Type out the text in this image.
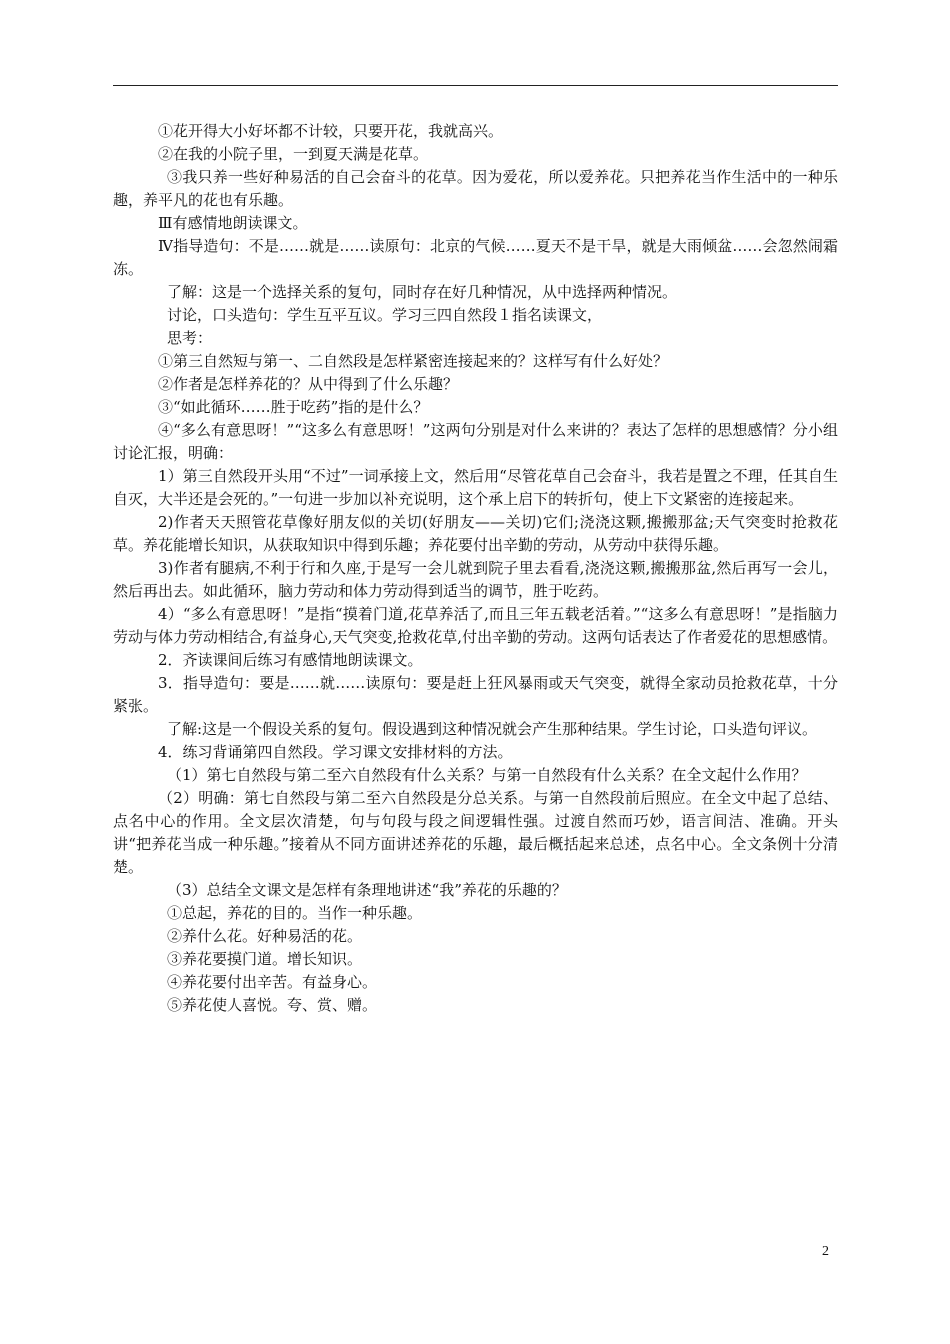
①花开得大小好坏都不计较，只要开花，我就高兴。

②在我的小院子里，一到夏天满是花草。

③我只养一些好种易活的自己会奋斗的花草。因为爱花，所以爱养花。只把养花当作生活中的一种乐趣，养平凡的花也有乐趣。

Ⅲ有感情地朗读课文。

Ⅳ指导造句：不是……就是……读原句：北京的气候……夏天不是干旱，就是大雨倾盆……会忽然闹霜冻。

了解：这是一个选择关系的复句，同时存在好几种情况，从中选择两种情况。

讨论，口头造句：学生互平互议。学习三四自然段１指名读课文，

思考：

①第三自然短与第一、二自然段是怎样紧密连接起来的？这样写有什么好处？

②作者是怎样养花的？从中得到了什么乐趣？

③“如此循环……胜于吃药”指的是什么？

④“多么有意思呀！”“这多么有意思呀！”这两句分别是对什么来讲的？表达了怎样的思想感情？分小组讨论汇报，明确：

1）第三自然段开头用“不过”一词承接上文，然后用“尽管花草自己会奋斗，我若是置之不理，任其自生自灭，大半还是会死的。”一句进一步加以补充说明，这个承上启下的转折句，使上下文紧密的连接起来。

2)作者天天照管花草像好朋友似的关切(好朋友——关切)它们;浇浇这颗,搬搬那盆;天气突变时抢救花草。养花能增长知识，从获取知识中得到乐趣；养花要付出辛勤的劳动，从劳动中获得乐趣。

3)作者有腿病,不利于行和久座,于是写一会儿就到院子里去看看,浇浇这颗,搬搬那盆,然后再写一会儿，然后再出去。如此循环，脑力劳动和体力劳动得到适当的调节，胜于吃药。

4）“多么有意思呀！”是指“摸着门道,花草养活了,而且三年五载老活着。”“这多么有意思呀！”是指脑力劳动与体力劳动相结合,有益身心,天气突变,抢救花草,付出辛勤的劳动。这两句话表达了作者爱花的思想感情。

2．齐读课间后练习有感情地朗读课文。

3．指导造句：要是……就……读原句：要是赶上狂风暴雨或天气突变，就得全家动员抢救花草，十分紧张。

了解:这是一个假设关系的复句。假设遇到这种情况就会产生那种结果。学生讨论，口头造句评议。

4．练习背诵第四自然段。学习课文安排材料的方法。

（1）第七自然段与第二至六自然段有什么关系？与第一自然段有什么关系？在全文起什么作用？

（2）明确：第七自然段与第二至六自然段是分总关系。与第一自然段前后照应。在全文中起了总结、点名中心的作用。全文层次清楚，句与句段与段之间逻辑性强。过渡自然而巧妙，语言间洁、准确。开头讲“把养花当成一种乐趣。”接着从不同方面讲述养花的乐趣，最后概括起来总述，点名中心。全文条例十分清楚。

（3）总结全文课文是怎样有条理地讲述“我”养花的乐趣的？

①总起，养花的目的。当作一种乐趣。

②养什么花。好种易活的花。

③养花要摸门道。增长知识。

④养花要付出辛苦。有益身心。

⑤养花使人喜悦。夸、赏、赠。

2
